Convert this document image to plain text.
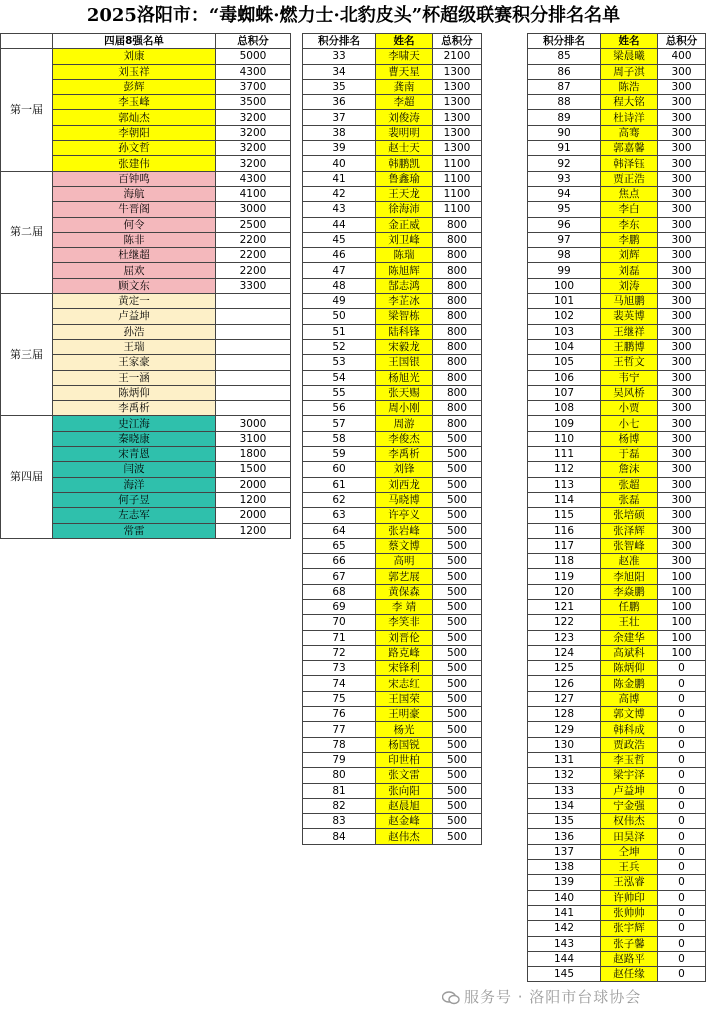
2025洛阳市：“毒蜘蛛·燃力士·北豹皮头”杯超级联赛积分排名名单
	四届8强名单	总积分
第一届	刘康	5000
	刘玉祥	4300
	彭辉	3700
	李玉峰	3500
	郭灿杰	3200
	李朝阳	3200
	孙文哲	3200
	张建伟	3200
第二届	百钟鸣	4300
	海航	4100
	牛晋阁	3000
	何令	2500
	陈非	2200
	杜继超	2200
	屈欢	2200
	顾文东	3300
第三届	黄定一	
	卢益坤	
	孙浩	
	王瑞	
	王家豪	
	王一涵	
	陈炳仰	
	李禹析	
第四届	史江海	3000
	秦晓康	3100
	宋青恩	1800
	闫波	1500
	海洋	2000
	何子昱	1200
	左志军	2000
	常雷	1200
积分排名	姓名	总积分
33	李啸天	2100
34	曹天星	1300
35	龚南	1300
36	李超	1300
37	刘俊涛	1300
38	裴明明	1300
39	赵士天	1300
40	韩鹏凯	1100
41	鲁鑫瑜	1100
42	王天龙	1100
43	徐海沛	1100
44	金正威	800
45	刘卫峰	800
46	陈瑞	800
47	陈旭辉	800
48	郜志鸿	800
49	李芷冰	800
50	梁智栋	800
51	陆科锋	800
52	宋毅龙	800
53	王国银	800
54	杨旭光	800
55	张天赐	800
56	周小刚	800
57	周游	800
58	李俊杰	500
59	李禹析	500
60	刘锋	500
61	刘西龙	500
62	马晓博	500
63	许亭义	500
64	张岩峰	500
65	蔡文博	500
66	高明	500
67	郭艺展	500
68	黄保森	500
69	李 靖	500
70	李笑非	500
71	刘晋伦	500
72	路克峰	500
73	宋锋利	500
74	宋志红	500
75	王国荣	500
76	王明豪	500
77	杨光	500
78	杨国锐	500
79	印世柏	500
80	张文雷	500
81	张向阳	500
82	赵晨旭	500
83	赵金峰	500
84	赵伟杰	500
积分排名	姓名	总积分
85	梁晨曦	400
86	周子淇	300
87	陈浩	300
88	程大铭	300
89	杜诗洋	300
90	高骞	300
91	郭嘉馨	300
92	韩泽钰	300
93	贾正浩	300
94	焦点	300
95	李白	300
96	李东	300
97	李鹏	300
98	刘辉	300
99	刘磊	300
100	刘涛	300
101	马旭鹏	300
102	裴英博	300
103	王继祥	300
104	王鹏博	300
105	王哲文	300
106	韦宁	300
107	吴风桥	300
108	小贾	300
109	小七	300
110	杨博	300
111	于磊	300
112	詹沫	300
113	张超	300
114	张磊	300
115	张培硕	300
116	张泽辉	300
117	张智峰	300
118	赵准	300
119	李旭阳	100
120	李焱鹏	100
121	任鹏	100
122	王壮	100
123	余建华	100
124	高斌科	100
125	陈炳仰	0
126	陈金鹏	0
127	高博	0
128	郭文博	0
129	韩科成	0
130	贾政浩	0
131	李玉哲	0
132	梁宇泽	0
133	卢益坤	0
134	宁金强	0
135	权伟杰	0
136	田昊泽	0
137	仝坤	0
138	王兵	0
139	王泓睿	0
140	许帅印	0
141	张帅帅	0
142	张宇辉	0
143	张子馨	0
144	赵路平	0
145	赵任缘	0
服务号 · 洛阳市台球协会
